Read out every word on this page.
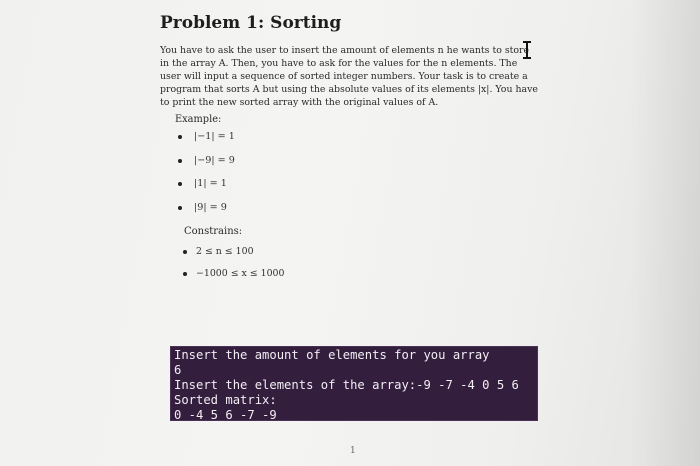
Problem 1: Sorting
You have to ask the user to insert the amount of elements n he wants to store
in the array A. Then, you have to ask for the values for the n elements. The
user will input a sequence of sorted integer numbers. Your task is to create a
program that sorts A but using the absolute values of its elements |x|. You have
to print the new sorted array with the original values of A.
Example:
|−1| = 1
|−9| = 9
|1| = 1
|9| = 9
Constrains:
2 ≤ n ≤ 100
−1000 ≤ x ≤ 1000
Insert the amount of elements for you array
6
Insert the elements of the array:-9 -7 -4 0 5 6
Sorted matrix:
0 -4 5 6 -7 -9
1
